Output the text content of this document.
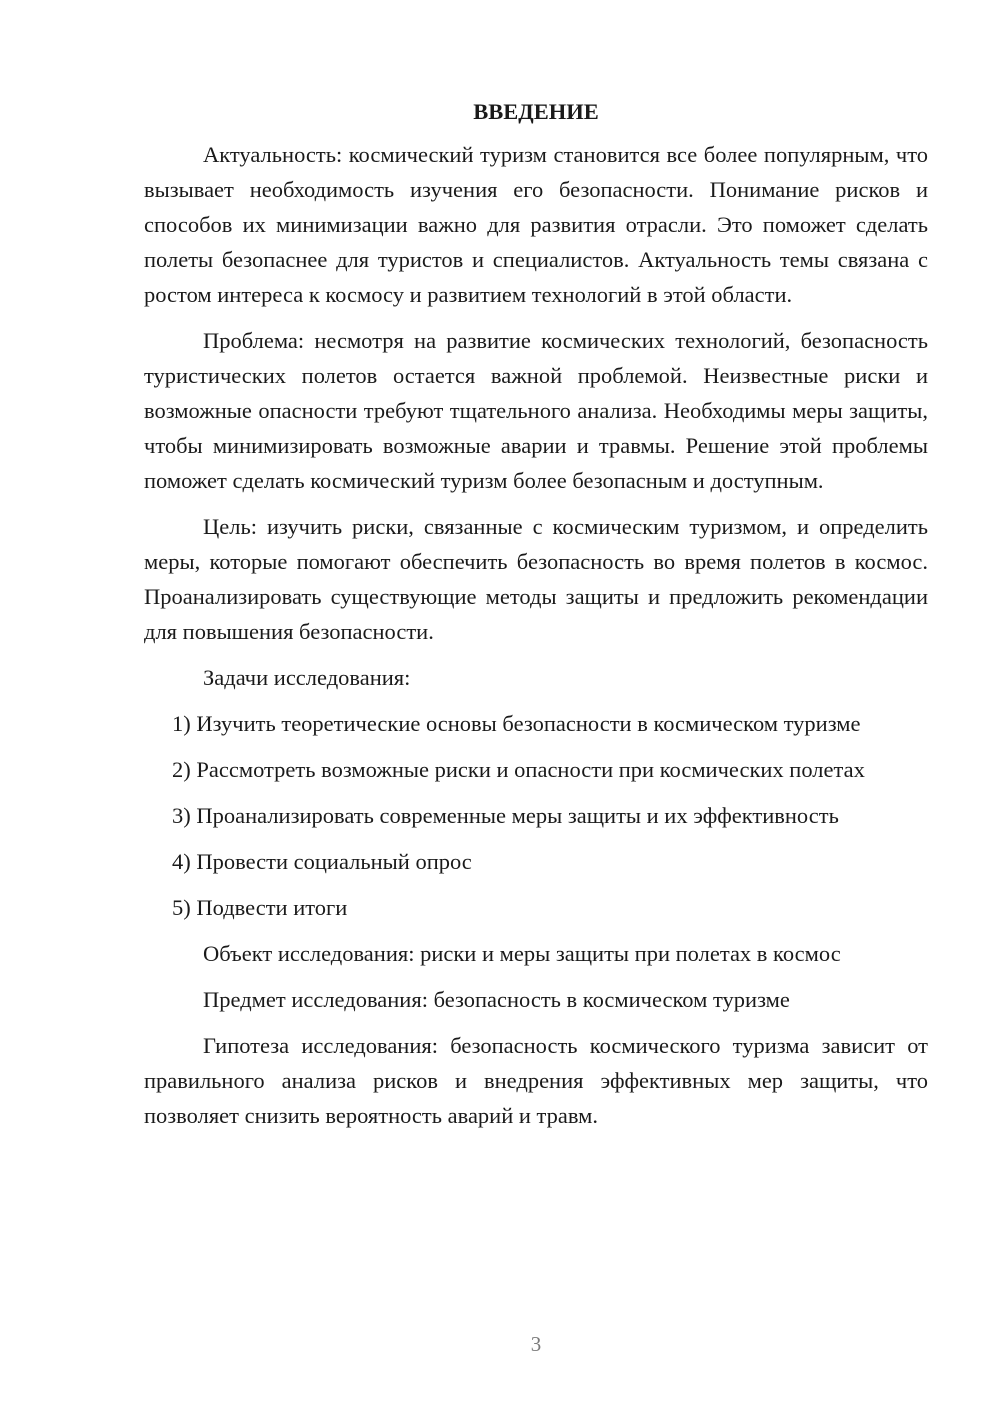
ВВЕДЕНИЕ

Актуальность: космический туризм становится все более популярным, что вызывает необходимость изучения его безопасности. Понимание рисков и способов их минимизации важно для развития отрасли. Это поможет сделать полеты безопаснее для туристов и специалистов. Актуальность темы связана с ростом интереса к космосу и развитием технологий в этой области.

Проблема: несмотря на развитие космических технологий, безопасность туристических полетов остается важной проблемой. Неизвестные риски и возможные опасности требуют тщательного анализа. Необходимы меры защиты, чтобы минимизировать возможные аварии и травмы. Решение этой проблемы поможет сделать космический туризм более безопасным и доступным.

Цель: изучить риски, связанные с космическим туризмом, и определить меры, которые помогают обеспечить безопасность во время полетов в космос. Проанализировать существующие методы защиты и предложить рекомендации для повышения безопасности.

Задачи исследования:

1) Изучить теоретические основы безопасности в космическом туризме

2) Рассмотреть возможные риски и опасности при космических полетах

3) Проанализировать современные меры защиты и их эффективность

4) Провести социальный опрос

5) Подвести итоги

Объект исследования: риски и меры защиты при полетах в космос

Предмет исследования: безопасность в космическом туризме

Гипотеза исследования: безопасность космического туризма зависит от правильного анализа рисков и внедрения эффективных мер защиты, что позволяет снизить вероятность аварий и травм.

3
